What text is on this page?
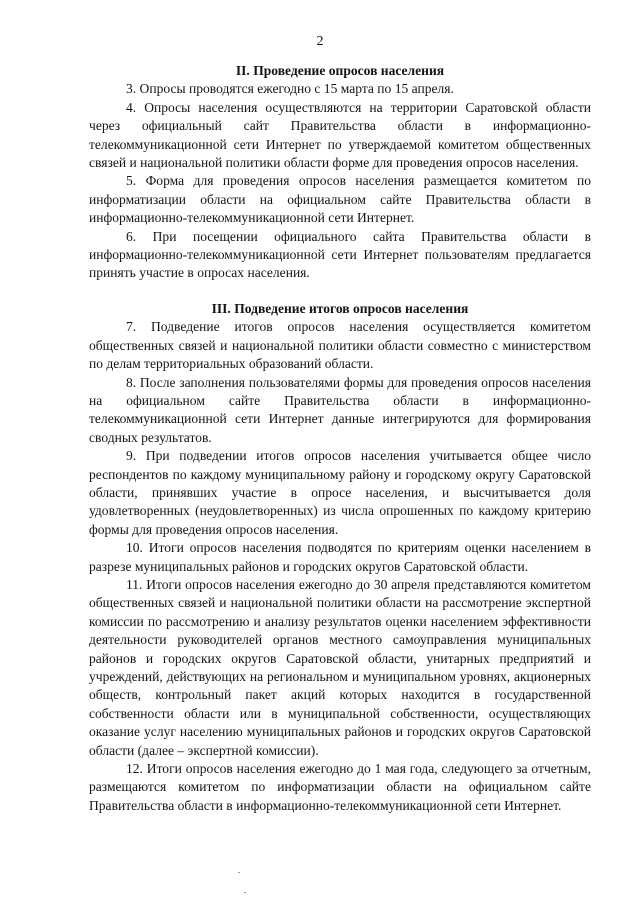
2

II. Проведение опросов населения

3. Опросы проводятся ежегодно с 15 марта по 15 апреля.

4. Опросы населения осуществляются на территории Саратовской области через официальный сайт Правительства области в информационно-телекоммуникационной сети Интернет по утверждаемой комитетом общественных связей и национальной политики области форме для проведения опросов населения.

5. Форма для проведения опросов населения размещается комитетом по информатизации области на официальном сайте Правительства области в информационно-телекоммуникационной сети Интернет.

6. При посещении официального сайта Правительства области в информационно-телекоммуникационной сети Интернет пользователям предлагается принять участие в опросах населения.

III. Подведение итогов опросов населения

7. Подведение итогов опросов населения осуществляется комитетом общественных связей и национальной политики области совместно с министерством по делам территориальных образований области.

8. После заполнения пользователями формы для проведения опросов населения на официальном сайте Правительства области в информационно-телекоммуникационной сети Интернет данные интегрируются для формирования сводных результатов.

9. При подведении итогов опросов населения учитывается общее число респондентов по каждому муниципальному району и городскому округу Саратовской области, принявших участие в опросе населения, и высчитывается доля удовлетворенных (неудовлетворенных) из числа опрошенных по каждому критерию формы для проведения опросов населения.

10. Итоги опросов населения подводятся по критериям оценки населением в разрезе муниципальных районов и городских округов Саратовской области.

11. Итоги опросов населения ежегодно до 30 апреля представляются комитетом общественных связей и национальной политики области на рассмотрение экспертной комиссии по рассмотрению и анализу результатов оценки населением эффективности деятельности руководителей органов местного самоуправления муниципальных районов и городских округов Саратовской области, унитарных предприятий и учреждений, действующих на региональном и муниципальном уровнях, акционерных обществ, контрольный пакет акций которых находится в государственной собственности области или в муниципальной собственности, осуществляющих оказание услуг населению муниципальных районов и городских округов Саратовской области (далее – экспертной комиссии).

12. Итоги опросов населения ежегодно до 1 мая года, следующего за отчетным, размещаются комитетом по информатизации области на официальном сайте Правительства области в информационно-телекоммуникационной сети Интернет.
